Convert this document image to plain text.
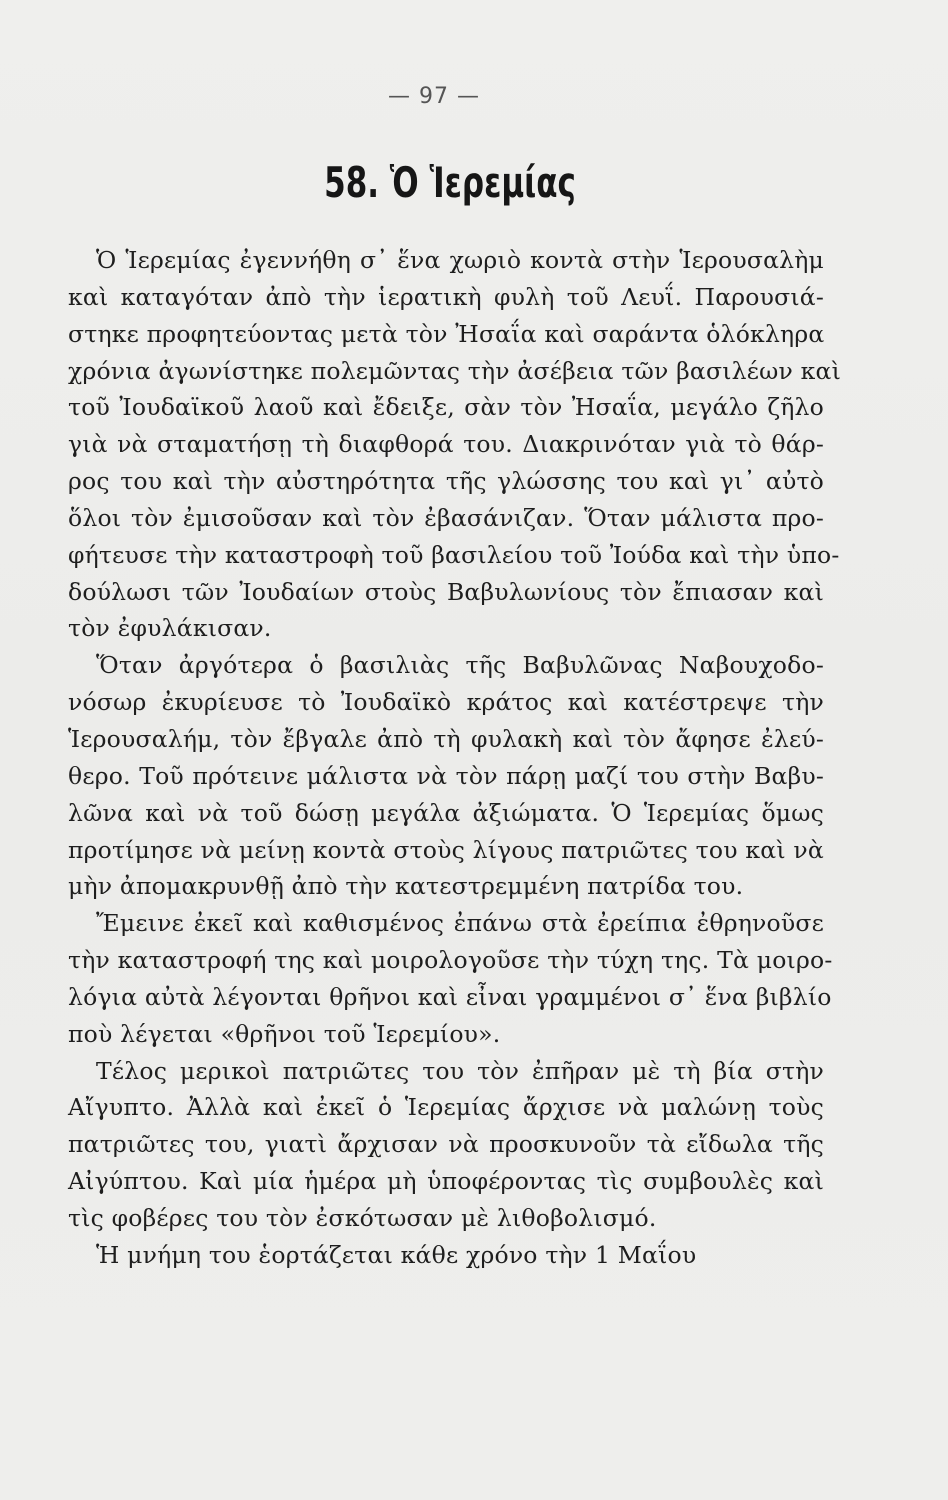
— 97 —
58. Ὁ Ἱερεμίας
Ὁ Ἱερεμίας ἐγεννήθη σ᾽ ἕνα χωριὸ κοντὰ στὴν Ἱερουσαλὴμ
καὶ καταγόταν ἀπὸ τὴν ἱερατικὴ φυλὴ τοῦ Λευΐ. Παρουσιά-
στηκε προφητεύοντας μετὰ τὸν Ἠσαΐα καὶ σαράντα ὁλόκληρα
χρόνια ἀγωνίστηκε πολεμῶντας τὴν ἀσέβεια τῶν βασιλέων καὶ
τοῦ Ἰουδαϊκοῦ λαοῦ καὶ ἔδειξε, σὰν τὸν Ἠσαΐα, μεγάλο ζῆλο
γιὰ νὰ σταματήσῃ τὴ διαφθορά του. Διακρινόταν γιὰ τὸ θάρ-
ρος του καὶ τὴν αὐστηρότητα τῆς γλώσσης του καὶ γι᾽ αὐτὸ
ὅλοι τὸν ἐμισοῦσαν καὶ τὸν ἐβασάνιζαν. Ὅταν μάλιστα προ-
φήτευσε τὴν καταστροφὴ τοῦ βασιλείου τοῦ Ἰούδα καὶ τὴν ὑπο-
δούλωσι τῶν Ἰουδαίων στοὺς Βαβυλωνίους τὸν ἔπιασαν καὶ
τὸν ἐφυλάκισαν.
Ὅταν ἀργότερα ὁ βασιλιὰς τῆς Βαβυλῶνας Ναβουχοδο-
νόσωρ ἐκυρίευσε τὸ Ἰουδαϊκὸ κράτος καὶ κατέστρεψε τὴν
Ἱερουσαλήμ, τὸν ἔβγαλε ἀπὸ τὴ φυλακὴ καὶ τὸν ἄφησε ἐλεύ-
θερο. Τοῦ πρότεινε μάλιστα νὰ τὸν πάρῃ μαζί του στὴν Βαβυ-
λῶνα καὶ νὰ τοῦ δώσῃ μεγάλα ἀξιώματα. Ὁ Ἱερεμίας ὅμως
προτίμησε νὰ μείνῃ κοντὰ στοὺς λίγους πατριῶτες του καὶ νὰ
μὴν ἀπομακρυνθῇ ἀπὸ τὴν κατεστρεμμένη πατρίδα του.
Ἔμεινε ἐκεῖ καὶ καθισμένος ἐπάνω στὰ ἐρείπια ἐθρηνοῦσε
τὴν καταστροφή της καὶ μοιρολογοῦσε τὴν τύχη της. Τὰ μοιρο-
λόγια αὐτὰ λέγονται θρῆνοι καὶ εἶναι γραμμένοι σ᾽ ἕνα βιβλίο
ποὺ λέγεται «θρῆνοι τοῦ Ἱερεμίου».
Τέλος μερικοὶ πατριῶτες του τὸν ἐπῆραν μὲ τὴ βία στὴν
Αἴγυπτο. Ἀλλὰ καὶ ἐκεῖ ὁ Ἱερεμίας ἄρχισε νὰ μαλώνῃ τοὺς
πατριῶτες του, γιατὶ ἄρχισαν νὰ προσκυνοῦν τὰ εἴδωλα τῆς
Αἰγύπτου. Καὶ μία ἡμέρα μὴ ὑποφέροντας τὶς συμβουλὲς καὶ
τὶς φοβέρες του τὸν ἐσκότωσαν μὲ λιθοβολισμό.
Ἡ μνήμη του ἑορτάζεται κάθε χρόνο τὴν 1 Μαΐου
